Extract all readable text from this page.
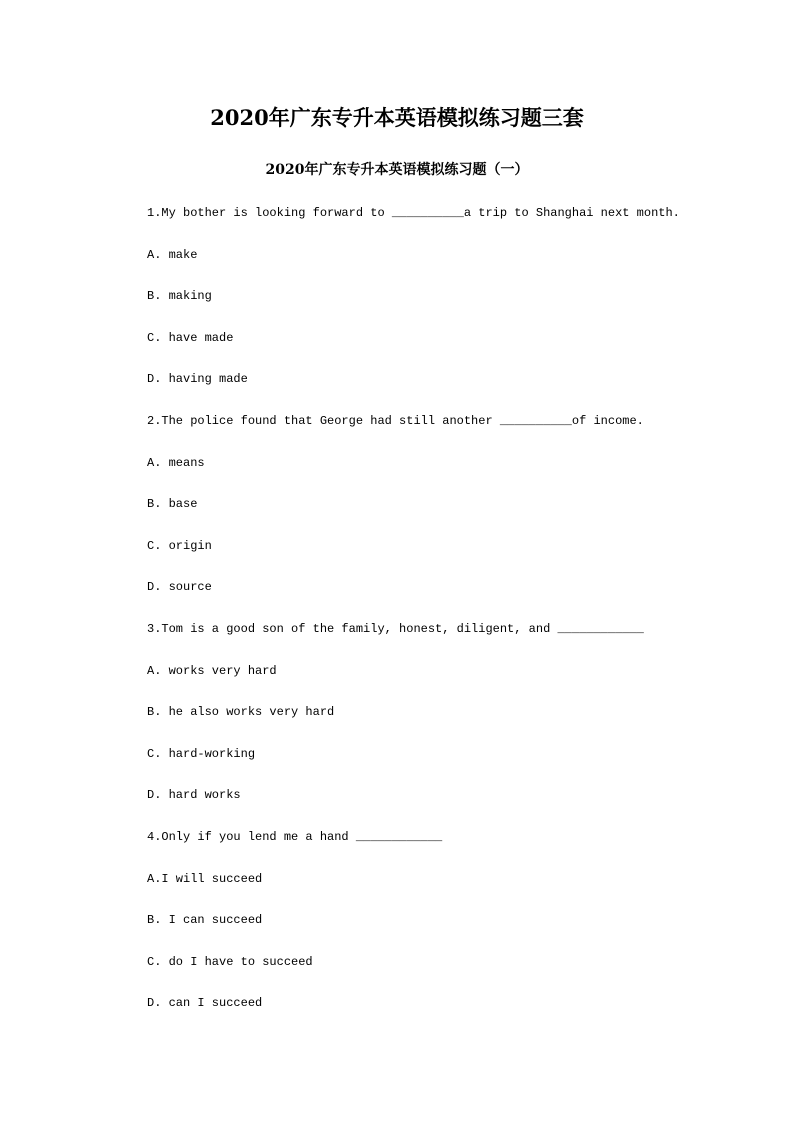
2020年广东专升本英语模拟练习题三套
2020年广东专升本英语模拟练习题（一）
1.My bother is looking forward to __________a trip to Shanghai next month.
A. make
B. making
C. have made
D. having made
2.The police found that George had still another __________of income.
A. means
B. base
C. origin
D. source
3.Tom is a good son of the family, honest, diligent, and ____________
A. works very hard
B. he also works very hard
C. hard-working
D. hard works
4.Only if you lend me a hand ____________
A.I will succeed
B. I can succeed
C. do I have to succeed
D. can I succeed
